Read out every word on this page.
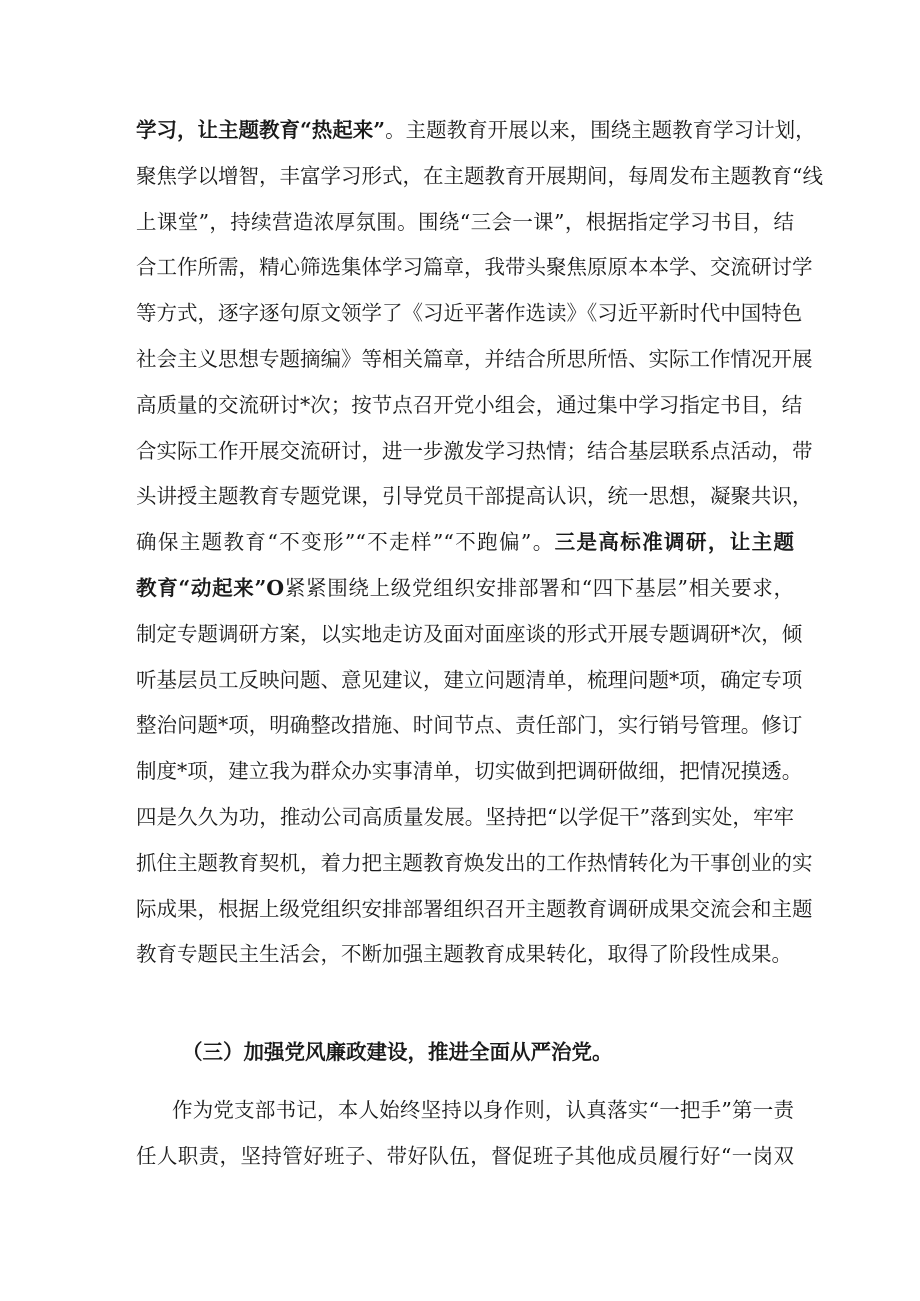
学习，让主题教育“热起来”。主题教育开展以来，围绕主题教育学习计划，
聚焦学以增智，丰富学习形式，在主题教育开展期间，每周发布主题教育“线
上课堂”，持续营造浓厚氛围。围绕“三会一课”，根据指定学习书目，结
合工作所需，精心筛选集体学习篇章，我带头聚焦原原本本学、交流研讨学
等方式，逐字逐句原文领学了《习近平著作选读》《习近平新时代中国特色
社会主义思想专题摘编》等相关篇章，并结合所思所悟、实际工作情况开展
高质量的交流研讨*次；按节点召开党小组会，通过集中学习指定书目，结
合实际工作开展交流研讨，进一步激发学习热情；结合基层联系点活动，带
头讲授主题教育专题党课，引导党员干部提高认识，统一思想，凝聚共识，
确保主题教育“不变形”“不走样”“不跑偏”。三是高标准调研，让主题
教育“动起来”O紧紧围绕上级党组织安排部署和“四下基层”相关要求，
制定专题调研方案，以实地走访及面对面座谈的形式开展专题调研*次，倾
听基层员工反映问题、意见建议，建立问题清单，梳理问题*项，确定专项
整治问题*项，明确整改措施、时间节点、责任部门，实行销号管理。修订
制度*项，建立我为群众办实事清单，切实做到把调研做细，把情况摸透。
四是久久为功，推动公司高质量发展。坚持把“以学促干”落到实处，牢牢
抓住主题教育契机，着力把主题教育焕发出的工作热情转化为干事创业的实
际成果，根据上级党组织安排部署组织召开主题教育调研成果交流会和主题
教育专题民主生活会，不断加强主题教育成果转化，取得了阶段性成果。
（三）加强党风廉政建设，推进全面从严治党。
作为党支部书记，本人始终坚持以身作则，认真落实“一把手”第一责
任人职责，坚持管好班子、带好队伍，督促班子其他成员履行好“一岗双
